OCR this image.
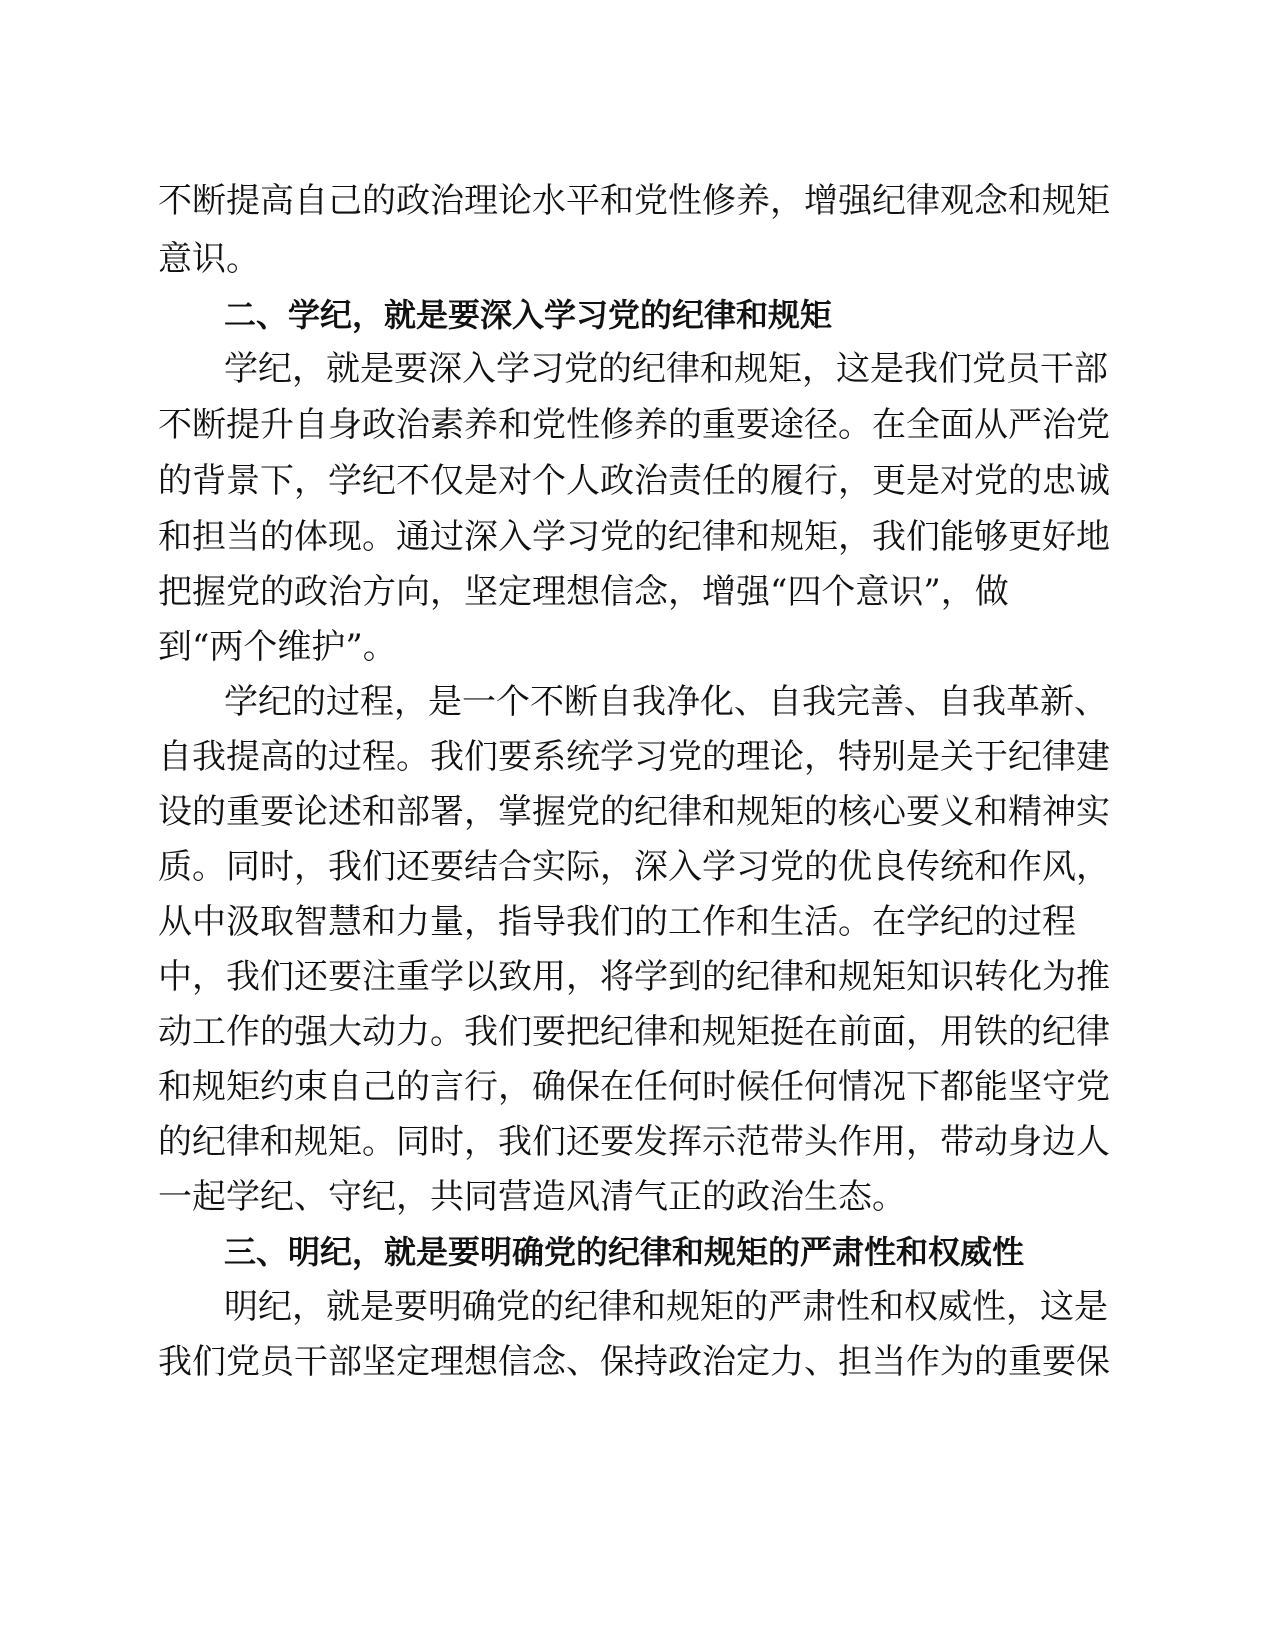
不断提高自己的政治理论水平和党性修养，增强纪律观念和规矩

意识。

二、学纪，就是要深入学习党的纪律和规矩

学纪，就是要深入学习党的纪律和规矩，这是我们党员干部

不断提升自身政治素养和党性修养的重要途径。在全面从严治党

的背景下，学纪不仅是对个人政治责任的履行，更是对党的忠诚

和担当的体现。通过深入学习党的纪律和规矩，我们能够更好地

把握党的政治方向，坚定理想信念，增强“四个意识”，做

到“两个维护”。

学纪的过程，是一个不断自我净化、自我完善、自我革新、

自我提高的过程。我们要系统学习党的理论，特别是关于纪律建

设的重要论述和部署，掌握党的纪律和规矩的核心要义和精神实

质。同时，我们还要结合实际，深入学习党的优良传统和作风，

从中汲取智慧和力量，指导我们的工作和生活。在学纪的过程

中，我们还要注重学以致用，将学到的纪律和规矩知识转化为推

动工作的强大动力。我们要把纪律和规矩挺在前面，用铁的纪律

和规矩约束自己的言行，确保在任何时候任何情况下都能坚守党

的纪律和规矩。同时，我们还要发挥示范带头作用，带动身边人

一起学纪、守纪，共同营造风清气正的政治生态。

三、明纪，就是要明确党的纪律和规矩的严肃性和权威性

明纪，就是要明确党的纪律和规矩的严肃性和权威性，这是

我们党员干部坚定理想信念、保持政治定力、担当作为的重要保
